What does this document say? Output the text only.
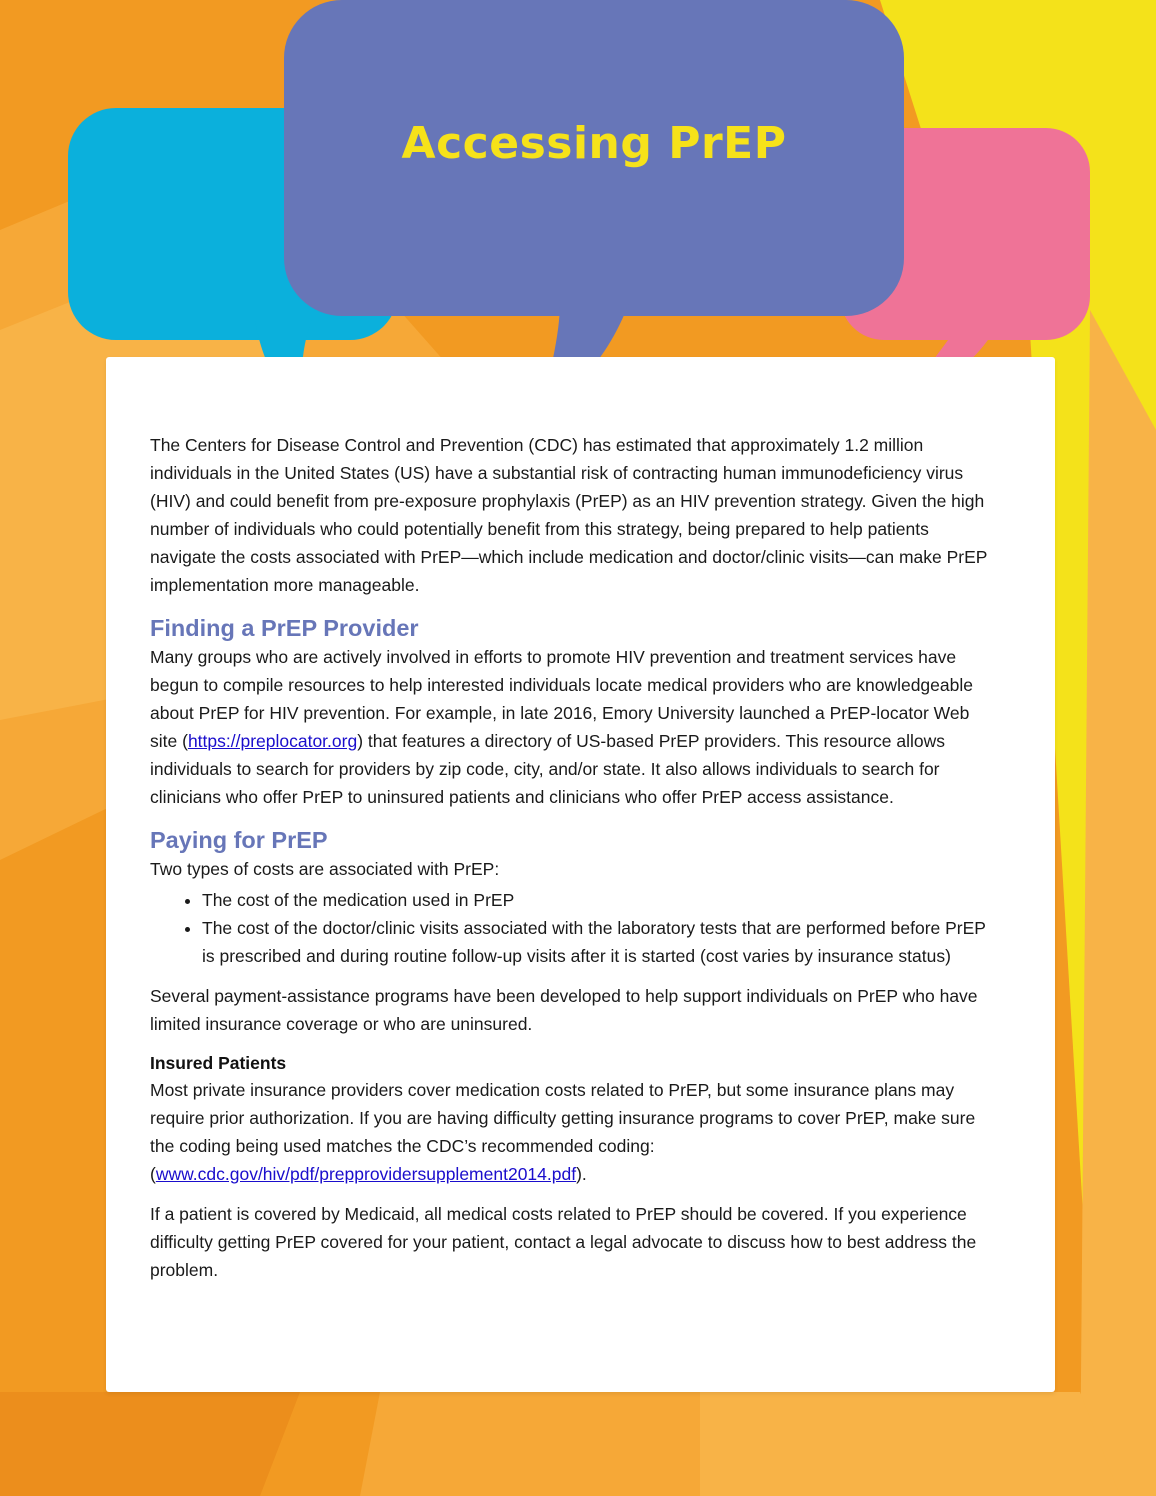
Accessing PrEP

The Centers for Disease Control and Prevention (CDC) has estimated that approximately 1.2 million individuals in the United States (US) have a substantial risk of contracting human immunodeficiency virus (HIV) and could benefit from pre-exposure prophylaxis (PrEP) as an HIV prevention strategy. Given the high number of individuals who could potentially benefit from this strategy, being prepared to help patients navigate the costs associated with PrEP—which include medication and doctor/clinic visits—can make PrEP implementation more manageable.

Finding a PrEP Provider

Many groups who are actively involved in efforts to promote HIV prevention and treatment services have begun to compile resources to help interested individuals locate medical providers who are knowledgeable about PrEP for HIV prevention. For example, in late 2016, Emory University launched a PrEP-locator Web site (https://preplocator.org) that features a directory of US-based PrEP providers. This resource allows individuals to search for providers by zip code, city, and/or state. It also allows individuals to search for clinicians who offer PrEP to uninsured patients and clinicians who offer PrEP access assistance.

Paying for PrEP

Two types of costs are associated with PrEP:

• The cost of the medication used in PrEP
• The cost of the doctor/clinic visits associated with the laboratory tests that are performed before PrEP is prescribed and during routine follow-up visits after it is started (cost varies by insurance status)

Several payment-assistance programs have been developed to help support individuals on PrEP who have limited insurance coverage or who are uninsured.

Insured Patients

Most private insurance providers cover medication costs related to PrEP, but some insurance plans may require prior authorization. If you are having difficulty getting insurance programs to cover PrEP, make sure the coding being used matches the CDC’s recommended coding: (www.cdc.gov/hiv/pdf/prepprovidersupplement2014.pdf).

If a patient is covered by Medicaid, all medical costs related to PrEP should be covered. If you experience difficulty getting PrEP covered for your patient, contact a legal advocate to discuss how to best address the problem.
